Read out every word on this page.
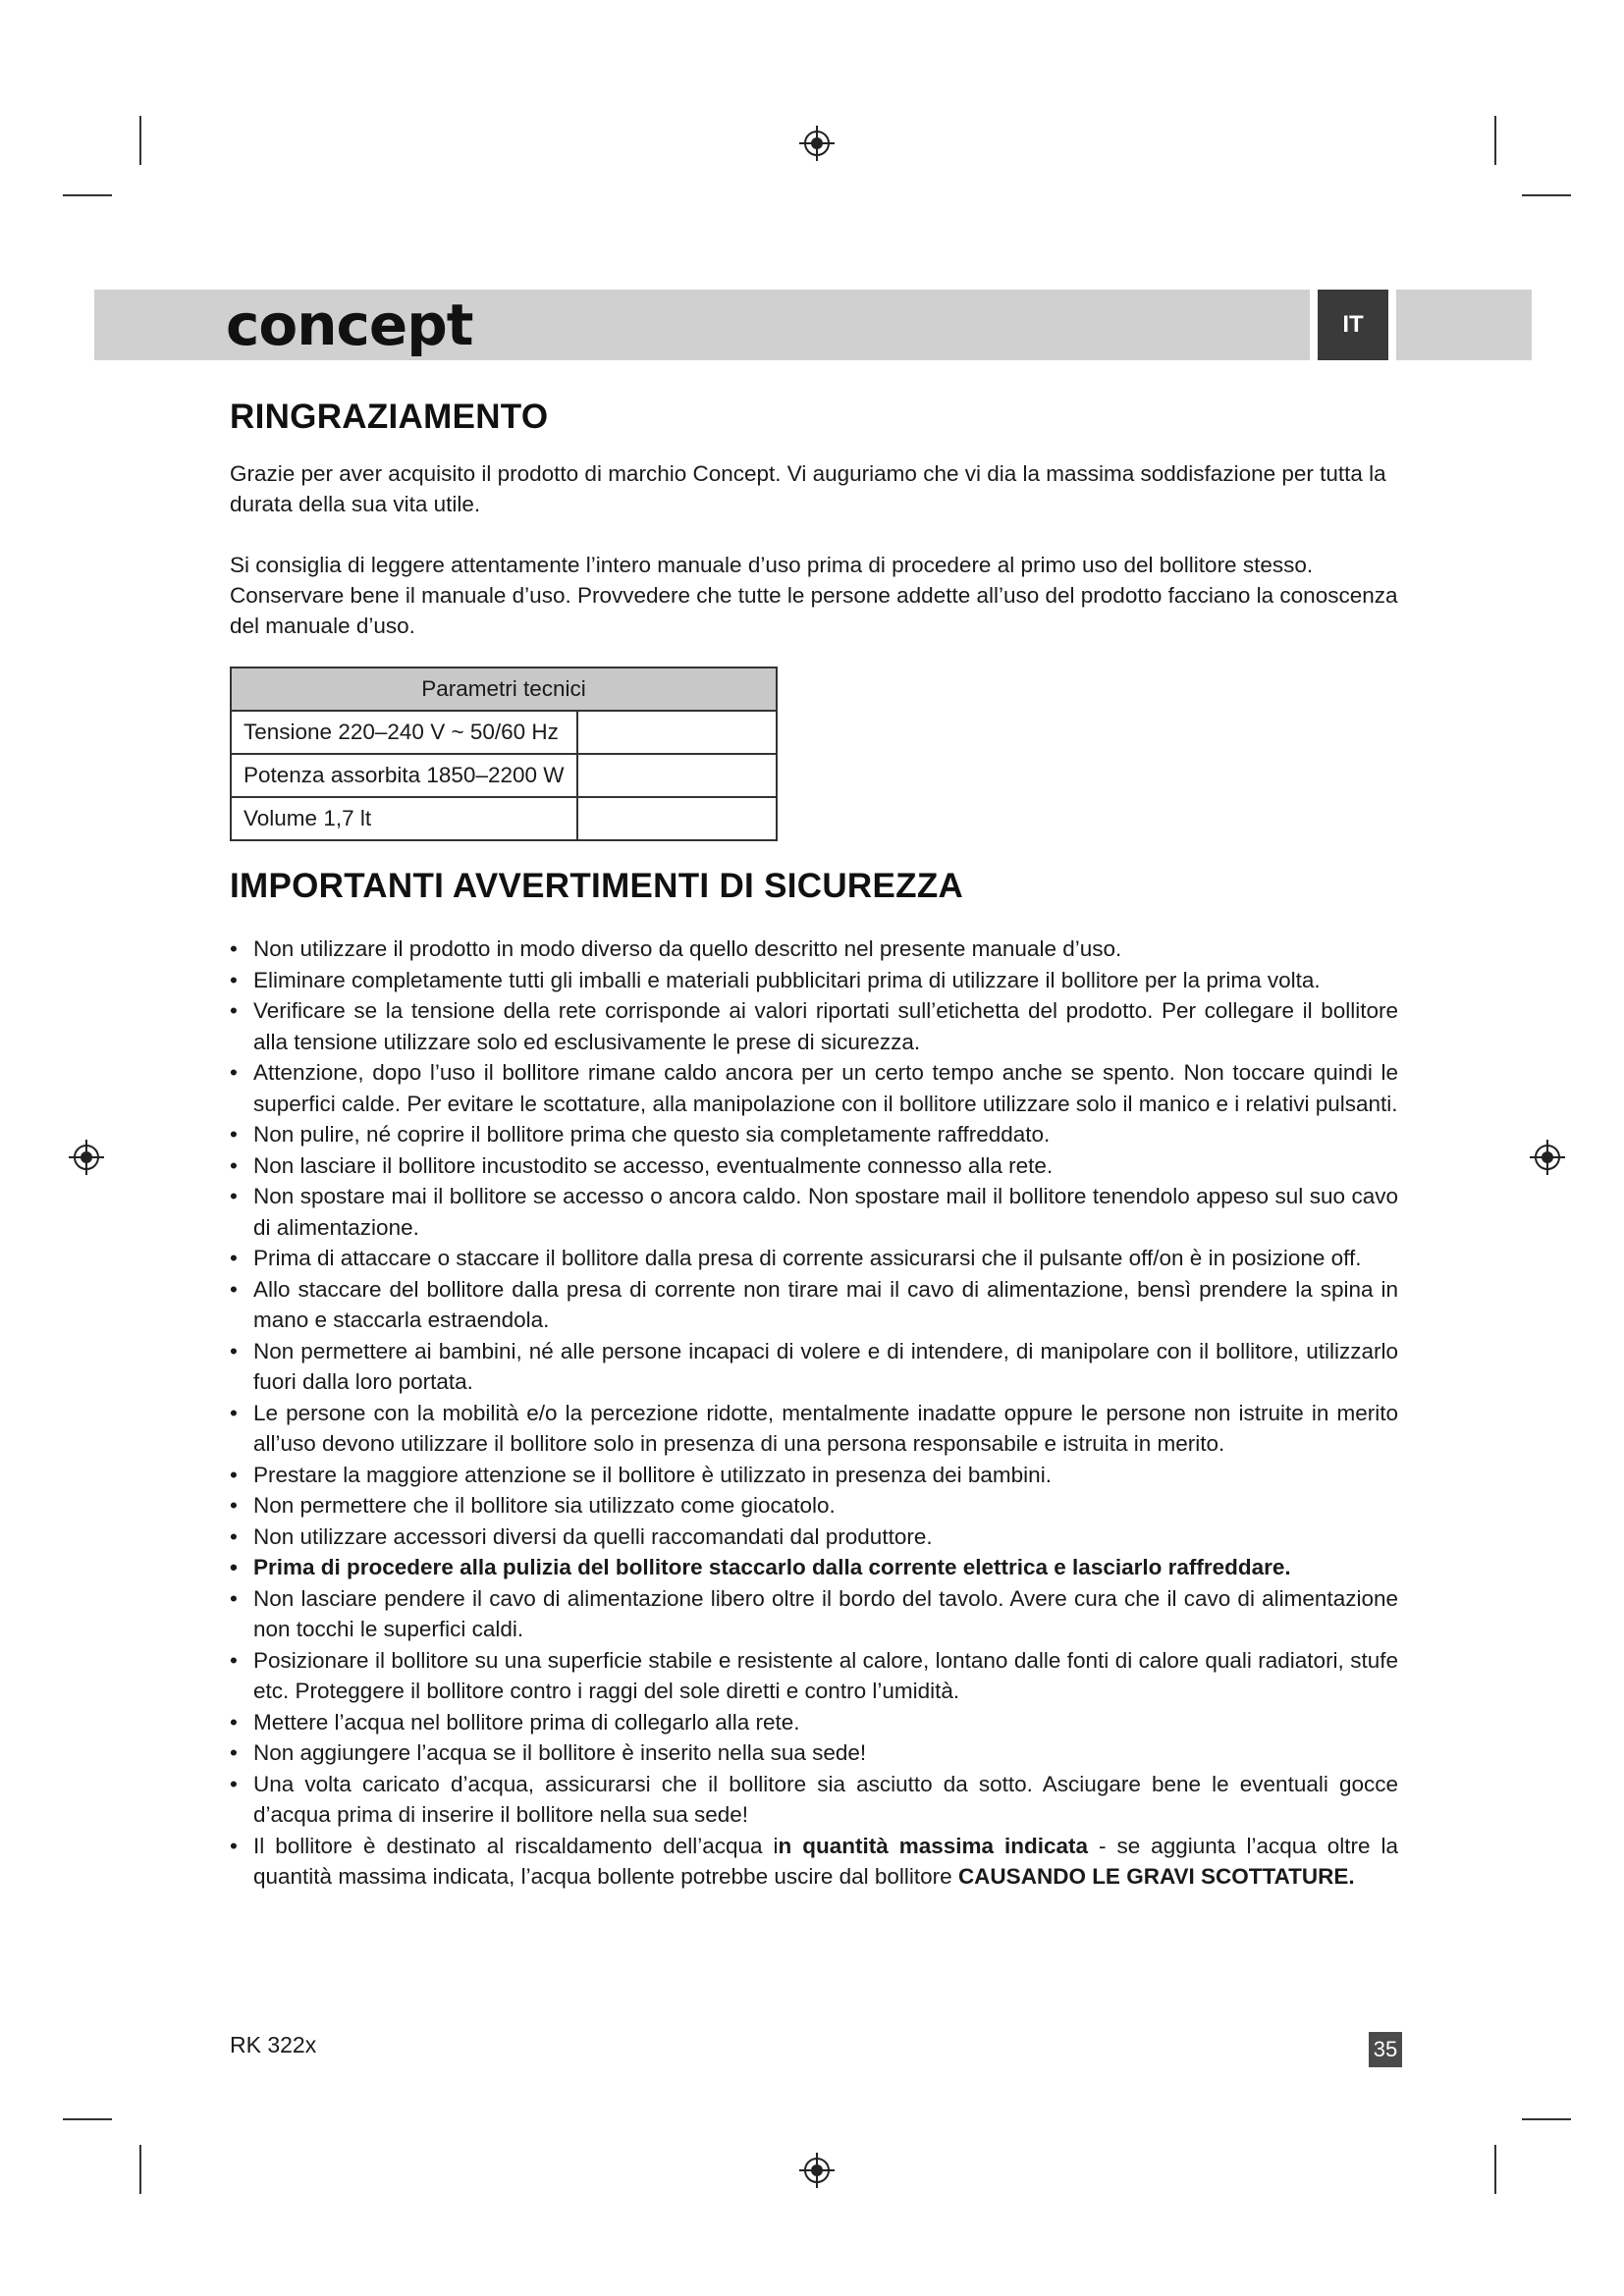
concept	IT
RINGRAZIAMENTO

Grazie per aver acquisito il prodotto di marchio Concept. Vi auguriamo che vi dia la massima soddisfazione per tutta la durata della sua vita utile.

Si consiglia di leggere attentamente l’intero manuale d’uso prima di procedere al primo uso del bollitore stesso. Conservare bene il manuale d’uso. Provvedere che tutte le persone addette all’uso del prodotto facciano la conoscenza del manuale d’uso.

Parametri tecnici	
Tensione 220–240 V ~ 50/60 Hz	
Potenza assorbita 1850–2200 W	
Volume 1,7 lt	
IMPORTANTI AVVERTIMENTI DI SICUREZZA
• Non utilizzare il prodotto in modo diverso da quello descritto nel presente manuale d’uso.
• Eliminare completamente tutti gli imballi e materiali pubblicitari prima di utilizzare il bollitore per la prima volta.
• Verificare se la tensione della rete corrisponde ai valori riportati sull’etichetta del prodotto. Per collegare il bollitore alla tensione utilizzare solo ed esclusivamente le prese di sicurezza.
• Attenzione, dopo l’uso il bollitore rimane caldo ancora per un certo tempo anche se spento. Non toccare quindi le superfici calde. Per evitare le scottature, alla manipolazione con il bollitore utilizzare solo il manico e i relativi pulsanti.
• Non pulire, né coprire il bollitore prima che questo sia completamente raffreddato.
• Non lasciare il bollitore incustodito se accesso, eventualmente connesso alla rete.
• Non spostare mai il bollitore se accesso o ancora caldo. Non spostare mail il bollitore tenendolo appeso sul suo cavo di alimentazione.
• Prima di attaccare o staccare il bollitore dalla presa di corrente assicurarsi che il pulsante off/on è in posizione off.
• Allo staccare del bollitore dalla presa di corrente non tirare mai il cavo di alimentazione, bensì prendere la spina in mano e staccarla estraendola.
• Non permettere ai bambini, né alle persone incapaci di volere e di intendere, di manipolare con il bollitore, utilizzarlo fuori dalla loro portata.
• Le persone con la mobilità e/o la percezione ridotte, mentalmente inadatte oppure le persone non istruite in merito all’uso devono utilizzare il bollitore solo in presenza di una persona responsabile e istruita in merito.
• Prestare la maggiore attenzione se il bollitore è utilizzato in presenza dei bambini.
• Non permettere che il bollitore sia utilizzato come giocatolo.
• Non utilizzare accessori diversi da quelli raccomandati dal produttore.
• Prima di procedere alla pulizia del bollitore staccarlo dalla corrente elettrica e lasciarlo raffreddare.
• Non lasciare pendere il cavo di alimentazione libero oltre il bordo del tavolo. Avere cura che il cavo di alimentazione non tocchi le superfici caldi.
• Posizionare il bollitore su una superficie stabile e resistente al calore, lontano dalle fonti di calore quali radiatori, stufe etc. Proteggere il bollitore contro i raggi del sole diretti e contro l’umidità.
• Mettere l’acqua nel bollitore prima di collegarlo alla rete.
• Non aggiungere l’acqua se il bollitore è inserito nella sua sede!
• Una volta caricato d’acqua, assicurarsi che il bollitore sia asciutto da sotto. Asciugare bene le eventuali gocce d’acqua prima di inserire il bollitore nella sua sede!
• Il bollitore è destinato al riscaldamento dell’acqua in quantità massima indicata - se aggiunta l’acqua oltre la quantità massima indicata, l’acqua bollente potrebbe uscire dal bollitore CAUSANDO LE GRAVI SCOTTATURE.
RK 322x	35
